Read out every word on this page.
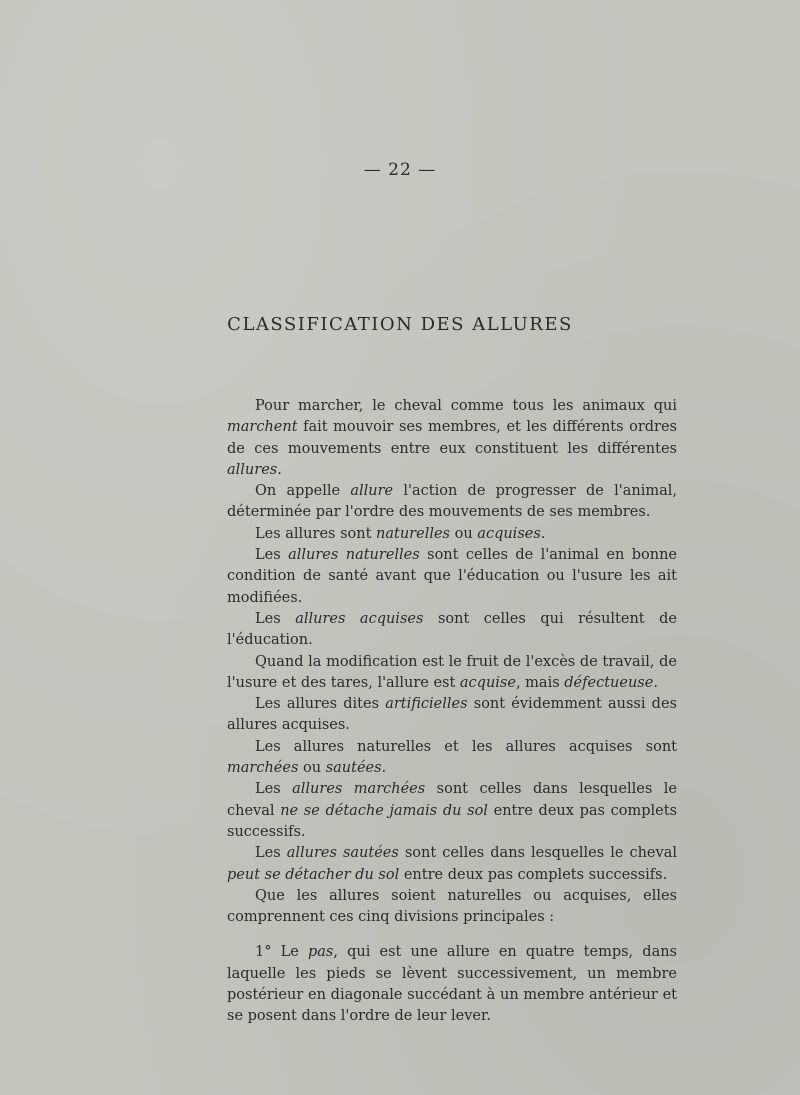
— 22 —
CLASSIFICATION DES ALLURES

Pour marcher, le cheval comme tous les animaux qui marchent fait mouvoir ses membres, et les différents ordres de ces mouvements entre eux constituent les différentes allures.

On appelle allure l'action de progresser de l'animal, déterminée par l'ordre des mouvements de ses membres.

Les allures sont naturelles ou acquises.

Les allures naturelles sont celles de l'animal en bonne condition de santé avant que l'éducation ou l'usure les ait modifiées.

Les allures acquises sont celles qui résultent de l'éducation.

Quand la modification est le fruit de l'excès de travail, de l'usure et des tares, l'allure est acquise, mais défectueuse.

Les allures dites artificielles sont évidemment aussi des allures acquises.

Les allures naturelles et les allures acquises sont marchées ou sautées.

Les allures marchées sont celles dans lesquelles le cheval ne se détache jamais du sol entre deux pas complets successifs.

Les allures sautées sont celles dans lesquelles le cheval peut se détacher du sol entre deux pas complets successifs.

Que les allures soient naturelles ou acquises, elles comprennent ces cinq divisions principales :

1° Le pas, qui est une allure en quatre temps, dans laquelle les pieds se lèvent successivement, un membre postérieur en diagonale succédant à un membre antérieur et se posent dans l'ordre de leur lever.
